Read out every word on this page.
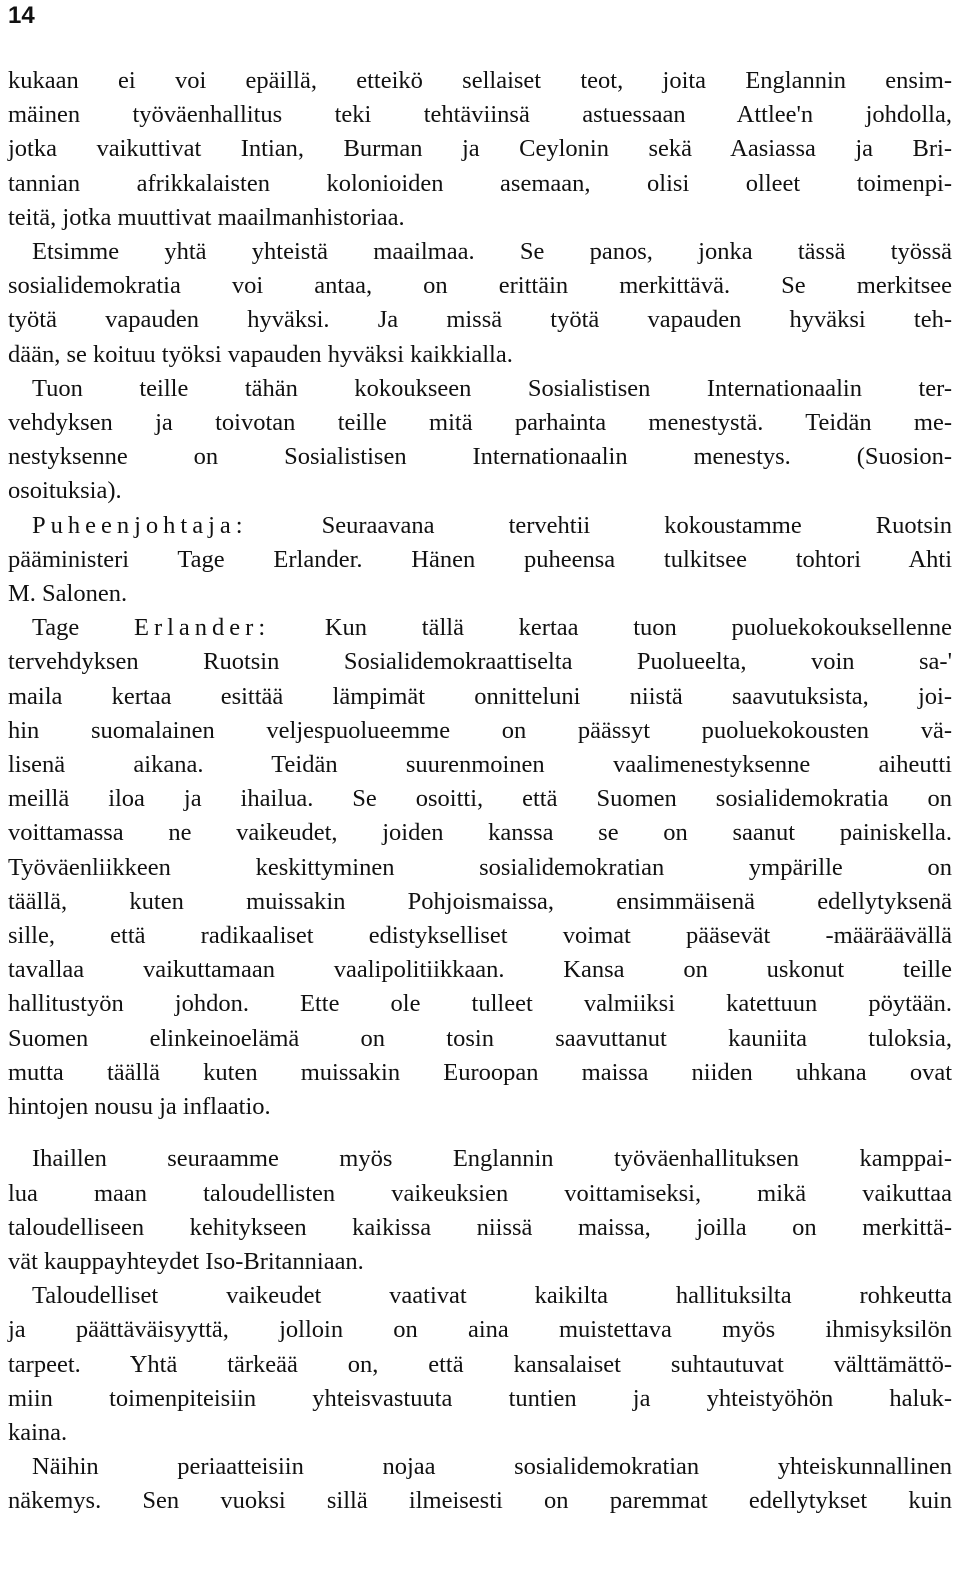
14

kukaan ei voi epäillä, etteikö sellaiset teot, joita Englannin ensim-
mäinen työväenhallitus teki tehtäviinsä astuessaan Attlee'n johdolla,
jotka vaikuttivat Intian, Burman ja Ceylonin sekä Aasiassa ja Bri-
tannian afrikkalaisten kolonioiden asemaan, olisi olleet toimenpi-
teitä, jotka muuttivat maailmanhistoriaa.

Etsimme yhtä yhteistä maailmaa. Se panos, jonka tässä työssä
sosialidemokratia voi antaa, on erittäin merkittävä. Se merkitsee
työtä vapauden hyväksi. Ja missä työtä vapauden hyväksi teh-
dään, se koituu työksi vapauden hyväksi kaikkialla.

Tuon teille tähän kokoukseen Sosialistisen Internationaalin ter-
vehdyksen ja toivotan teille mitä parhainta menestystä. Teidän me-
nestyksenne on Sosialistisen Internationaalin menestys. (Suosion-
osoituksia).

Puheenjohtaja: Seuraavana tervehtii kokoustamme Ruotsin
pääministeri Tage Erlander. Hänen puheensa tulkitsee tohtori Ahti
M. Salonen.

Tage Erlander: Kun tällä kertaa tuon puoluekokouksellenne
tervehdyksen Ruotsin Sosialidemokraattiselta Puolueelta, voin sa-'
maila kertaa esittää lämpimät onnitteluni niistä saavutuksista, joi-
hin suomalainen veljespuolueemme on päässyt puoluekokousten vä-
lisenä aikana. Teidän suurenmoinen vaalimenestyksenne aiheutti
meillä iloa ja ihailua. Se osoitti, että Suomen sosialidemokratia on
voittamassa ne vaikeudet, joiden kanssa se on saanut painiskella.
Työväenliikkeen keskittyminen sosialidemokratian ympärille on
täällä, kuten muissakin Pohjoismaissa, ensimmäisenä edellytyksenä
sille, että radikaaliset edistykselliset voimat pääsevät -määräävällä
tavallaa vaikuttamaan vaalipolitiikkaan. Kansa on uskonut teille
hallitustyön johdon. Ette ole tulleet valmiiksi katettuun pöytään.
Suomen elinkeinoelämä on tosin saavuttanut kauniita tuloksia,
mutta täällä kuten muissakin Euroopan maissa niiden uhkana ovat
hintojen nousu ja inflaatio.

Ihaillen seuraamme myös Englannin työväenhallituksen kamppai-
lua maan taloudellisten vaikeuksien voittamiseksi, mikä vaikuttaa
taloudelliseen kehitykseen kaikissa niissä maissa, joilla on merkittä-
vät kauppayhteydet Iso-Britanniaan.

Taloudelliset vaikeudet vaativat kaikilta hallituksilta rohkeutta
ja päättäväisyyttä, jolloin on aina muistettava myös ihmisyksilön
tarpeet. Yhtä tärkeää on, että kansalaiset suhtautuvat välttämättö-
miin toimenpiteisiin yhteisvastuuta tuntien ja yhteistyöhön haluk-
kaina.

Näihin periaatteisiin nojaa sosialidemokratian yhteiskunnallinen
näkemys. Sen vuoksi sillä ilmeisesti on paremmat edellytykset kuin
